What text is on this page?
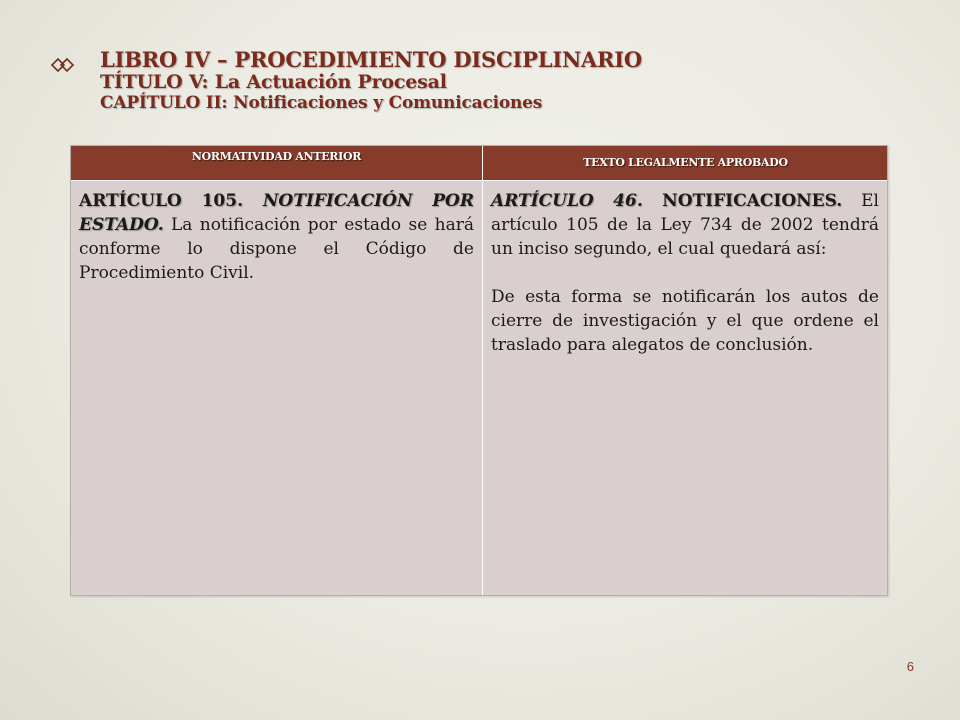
LIBRO IV – PROCEDIMIENTO DISCIPLINARIO
TÍTULO V: La Actuación Procesal
CAPÍTULO II: Notificaciones y Comunicaciones
NORMATIVIDAD ANTERIOR	TEXTO LEGALMENTE APROBADO

ARTÍCULO 105. NOTIFICACIÓN POR ESTADO. La notificación por estado se hará conforme lo dispone el Código de Procedimiento Civil.

ARTÍCULO 46. NOTIFICACIONES. El artículo 105 de la Ley 734 de 2002 tendrá un inciso segundo, el cual quedará así:

De esta forma se notificarán los autos de cierre de investigación y el que ordene el traslado para alegatos de conclusión.

6
